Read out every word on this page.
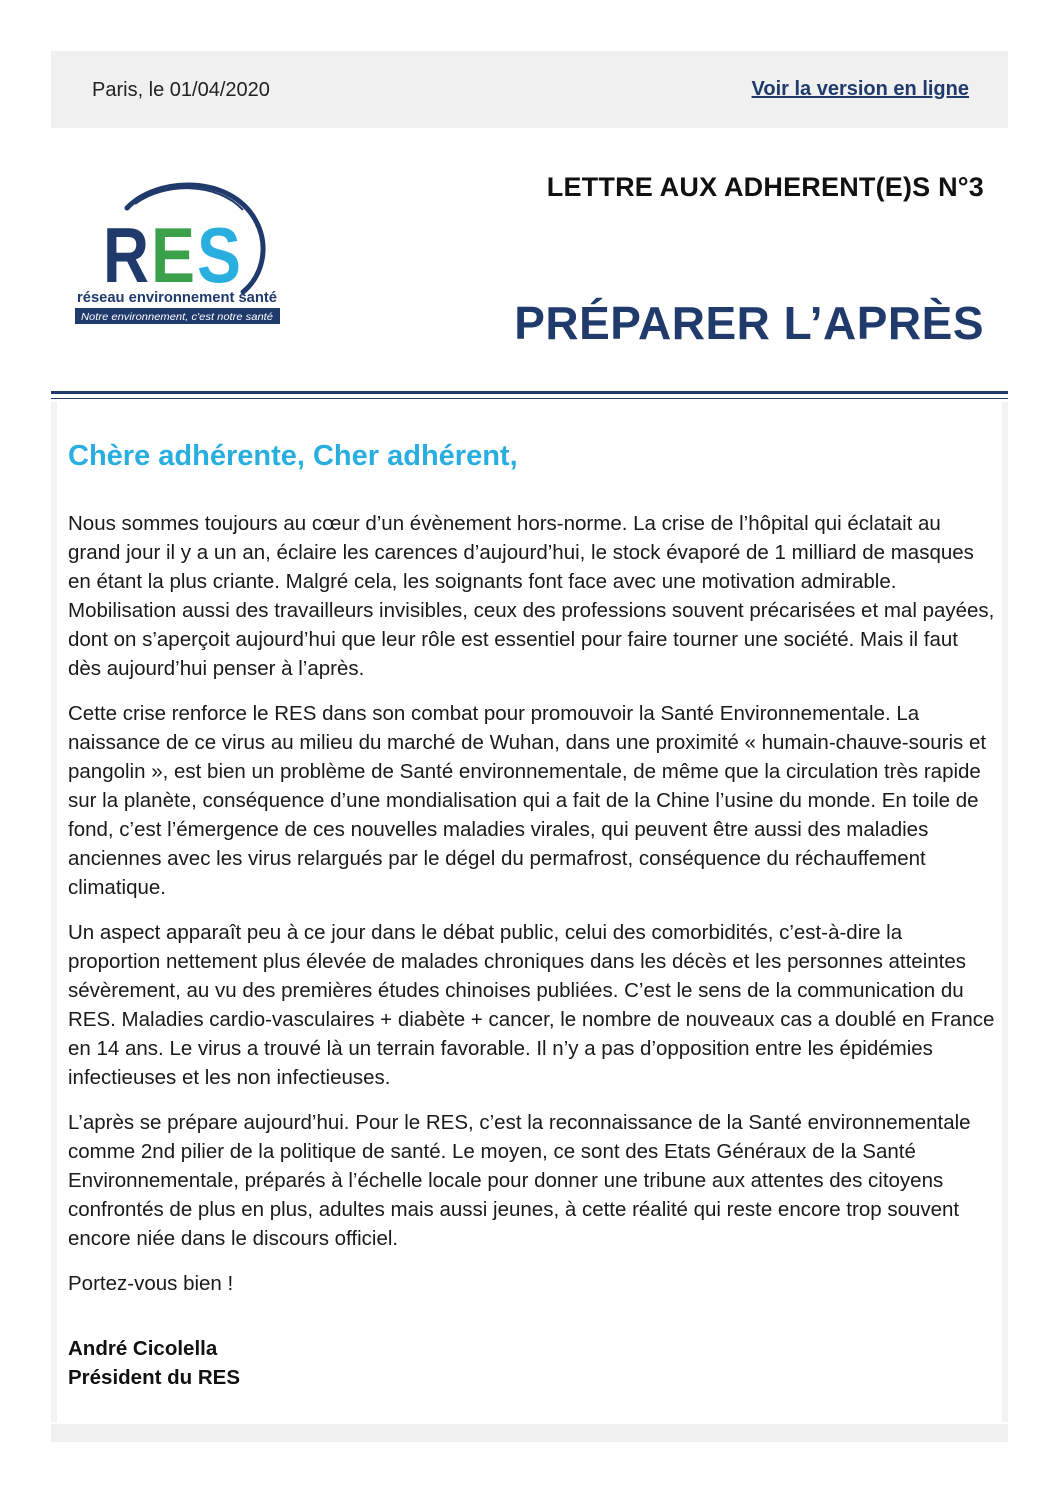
Paris, le 01/04/2020	Voir la version en ligne
R E S
réseau environnement santé
Notre environnement, c'est notre santé
LETTRE AUX ADHERENT(E)S N°3
PRÉPARER L’APRÈS
Chère adhérente, Cher adhérent,

Nous sommes toujours au cœur d’un évènement hors-norme. La crise de l’hôpital qui éclatait au grand jour il y a un an, éclaire les carences d’aujourd’hui, le stock évaporé de 1 milliard de masques en étant la plus criante. Malgré cela, les soignants font face avec une motivation admirable. Mobilisation aussi des travailleurs invisibles, ceux des professions souvent précarisées et mal payées, dont on s’aperçoit aujourd’hui que leur rôle est essentiel pour faire tourner une société. Mais il faut dès aujourd’hui penser à l’après.

Cette crise renforce le RES dans son combat pour promouvoir la Santé Environnementale. La naissance de ce virus au milieu du marché de Wuhan, dans une proximité « humain-chauve-souris et pangolin », est bien un problème de Santé environnementale, de même que la circulation très rapide sur la planète, conséquence d’une mondialisation qui a fait de la Chine l’usine du monde. En toile de fond, c’est l’émergence de ces nouvelles maladies virales, qui peuvent être aussi des maladies anciennes avec les virus relargués par le dégel du permafrost, conséquence du réchauffement climatique.

Un aspect apparaît peu à ce jour dans le débat public, celui des comorbidités, c’est-à-dire la proportion nettement plus élevée de malades chroniques dans les décès et les personnes atteintes sévèrement, au vu des premières études chinoises publiées. C’est le sens de la communication du RES. Maladies cardio-vasculaires + diabète + cancer, le nombre de nouveaux cas a doublé en France en 14 ans. Le virus a trouvé là un terrain favorable. Il n’y a pas d’opposition entre les épidémies infectieuses et les non infectieuses.

L’après se prépare aujourd’hui. Pour le RES, c’est la reconnaissance de la Santé environnementale comme 2nd pilier de la politique de santé. Le moyen, ce sont des Etats Généraux de la Santé Environnementale, préparés à l’échelle locale pour donner une tribune aux attentes des citoyens confrontés de plus en plus, adultes mais aussi jeunes, à cette réalité qui reste encore trop souvent encore niée dans le discours officiel.

Portez-vous bien !

André Cicolella
Président du RES
